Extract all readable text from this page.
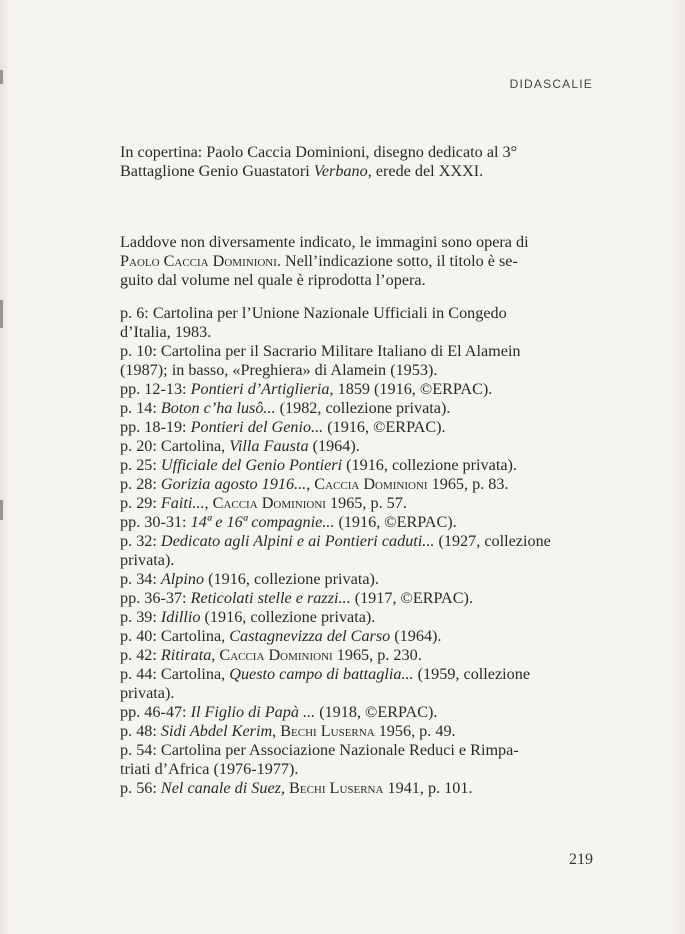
DIDASCALIE
In copertina: Paolo Caccia Dominioni, disegno dedicato al 3°
Battaglione Genio Guastatori Verbano, erede del XXXI.
Laddove non diversamente indicato, le immagini sono opera di
Paolo Caccia Dominioni. Nell’indicazione sotto, il titolo è se-
guito dal volume nel quale è riprodotta l’opera.
p. 6: Cartolina per l’Unione Nazionale Ufficiali in Congedo
d’Italia, 1983.
p. 10: Cartolina per il Sacrario Militare Italiano di El Alamein
(1987); in basso, «Preghiera» di Alamein (1953).
pp. 12-13: Pontieri d’Artiglieria, 1859 (1916, ©ERPAC).
p. 14: Boton c’ha lusô... (1982, collezione privata).
pp. 18-19: Pontieri del Genio... (1916, ©ERPAC).
p. 20: Cartolina, Villa Fausta (1964).
p. 25: Ufficiale del Genio Pontieri (1916, collezione privata).
p. 28: Gorizia agosto 1916..., Caccia Dominioni 1965, p. 83.
p. 29: Faiti..., Caccia Dominioni 1965, p. 57.
pp. 30-31: 14ª e 16ª compagnie... (1916, ©ERPAC).
p. 32: Dedicato agli Alpini e ai Pontieri caduti... (1927, collezione
privata).
p. 34: Alpino (1916, collezione privata).
pp. 36-37: Reticolati stelle e razzi... (1917, ©ERPAC).
p. 39: Idillio (1916, collezione privata).
p. 40: Cartolina, Castagnevizza del Carso (1964).
p. 42: Ritirata, Caccia Dominioni 1965, p. 230.
p. 44: Cartolina, Questo campo di battaglia... (1959, collezione
privata).
pp. 46-47: Il Figlio di Papà ... (1918, ©ERPAC).
p. 48: Sidi Abdel Kerim, Bechi Luserna 1956, p. 49.
p. 54: Cartolina per Associazione Nazionale Reduci e Rimpa-
triati d’Africa (1976-1977).
p. 56: Nel canale di Suez, Bechi Luserna 1941, p. 101.
219
